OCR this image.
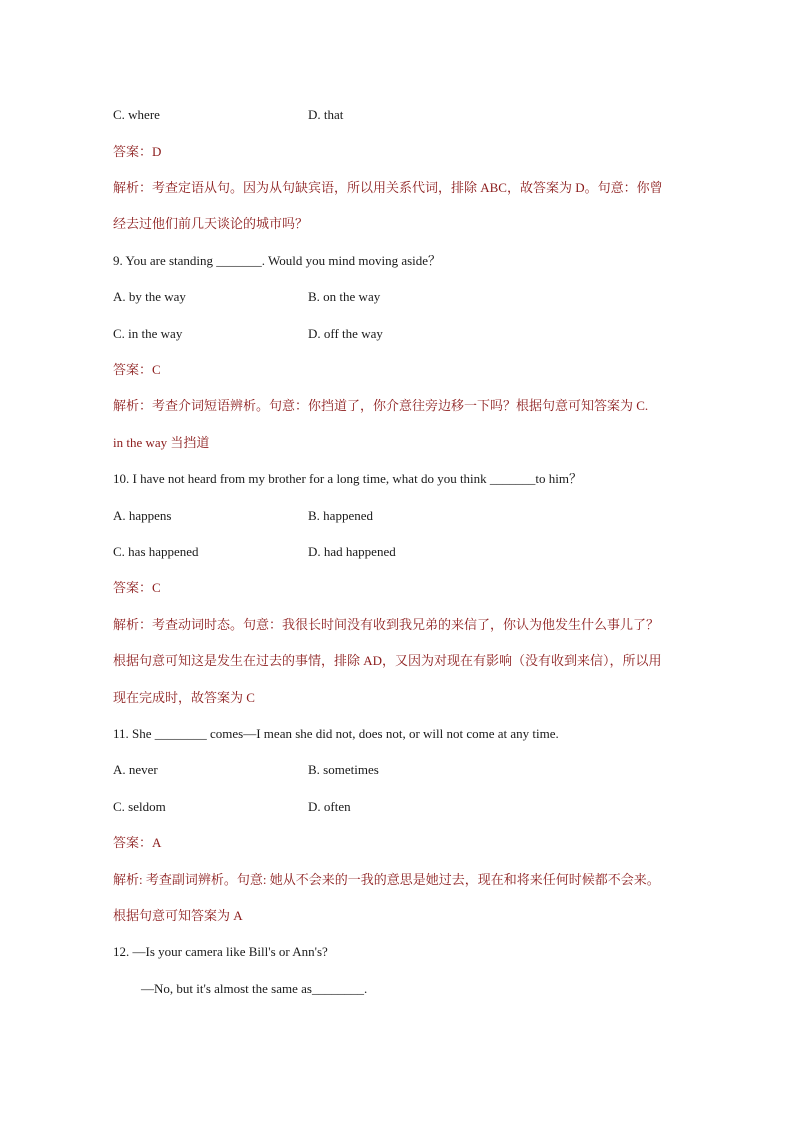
C. where	D. that
答案：D
解析：考查定语从句。因为从句缺宾语，所以用关系代词，排除 ABC，故答案为 D。句意：你曾
经去过他们前几天谈论的城市吗？
9. You are standing _______. Would you mind moving aside？
A. by the way	B. on the way
C. in the way	D. off the way
答案：C
解析：考查介词短语辨析。句意：你挡道了，你介意往旁边移一下吗？根据句意可知答案为 C.
in the way 当挡道
10. I have not heard from my brother for a long time, what do you think _______to him？
A. happens	B. happened
C. has happened	D. had happened
答案：C
解析：考查动词时态。句意：我很长时间没有收到我兄弟的来信了，你认为他发生什么事儿了？
根据句意可知这是发生在过去的事情，排除 AD，又因为对现在有影响（没有收到来信），所以用
现在完成时，故答案为 C
11. She ________ comes—I mean she did not, does not, or will not come at any time.
A. never	B. sometimes
C. seldom	D. often
答案：A
解析: 考查副词辨析。句意: 她从不会来的一我的意思是她过去，现在和将来任何时候都不会来。
根据句意可知答案为 A
12. —Is your camera like Bill's or Ann's?
—No, but it's almost the same as________.
